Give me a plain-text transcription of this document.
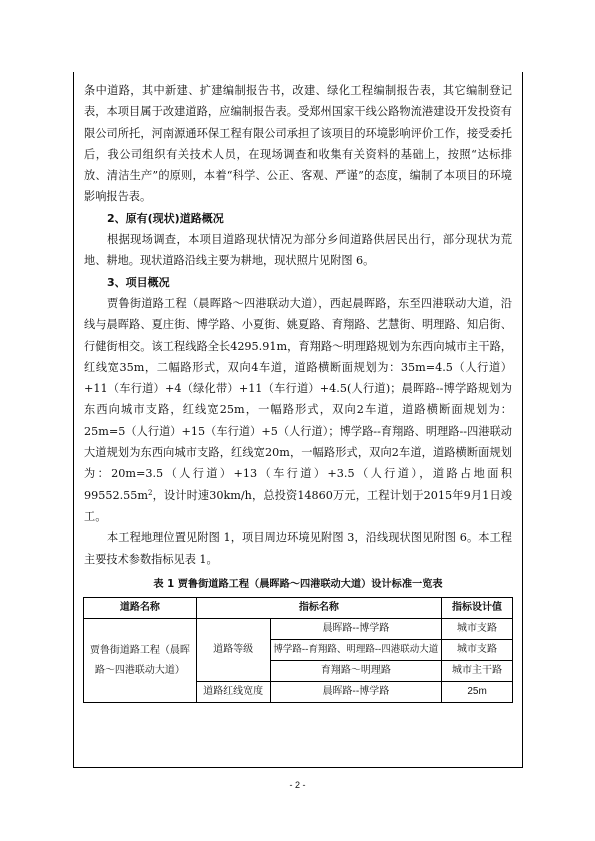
条中道路，其中新建、扩建编制报告书，改建、绿化工程编制报告表，其它编制登记表，本项目属于改建道路，应编制报告表。受郑州国家干线公路物流港建设开发投资有限公司所托，河南源通环保工程有限公司承担了该项目的环境影响评价工作，接受委托后，我公司组织有关技术人员，在现场调查和收集有关资料的基础上，按照“达标排放、清洁生产”的原则，本着“科学、公正、客观、严谨”的态度，编制了本项目的环境影响报告表。

2、原有(现状)道路概况

根据现场调查，本项目道路现状情况为部分乡间道路供居民出行，部分现状为荒地、耕地。现状道路沿线主要为耕地，现状照片见附图 6。

3、项目概况

贾鲁街道路工程（晨晖路～四港联动大道），西起晨晖路，东至四港联动大道，沿线与晨晖路、夏庄街、博学路、小夏街、姚夏路、育翔路、艺慧街、明理路、知启街、行健街相交。该工程线路全长4295.91m，育翔路～明理路规划为东西向城市主干路，红线宽35m，二幅路形式，双向4车道，道路横断面规划为：35m=4.5（人行道）+11（车行道）+4（绿化带）+11（车行道）+4.5(人行道)；晨晖路--博学路规划为东西向城市支路，红线宽25m，一幅路形式，双向2车道，道路横断面规划为：25m=5（人行道）+15（车行道）+5（人行道）；博学路--育翔路、明理路--四港联动大道规划为东西向城市支路，红线宽20m，一幅路形式，双向2车道，道路横断面规划为：20m=3.5（人行道）+13（车行道）+3.5（人行道），道路占地面积$99552.55m^2$，设计时速30km/h，总投资14860万元，工程计划于2015年9月1日竣工。

本工程地理位置见附图 1，项目周边环境见附图 3，沿线现状图见附图 6。本工程主要技术参数指标见表 1。

表 1 贾鲁街道路工程（晨晖路～四港联动大道）设计标准一览表

道路名称	指标名称		指标设计值
贾鲁街道路工程（晨晖路～四港联动大道）	道路等级	晨晖路--博学路	城市支路
		博学路--育翔路、明理路--四港联动大道	城市支路
		育翔路～明理路	城市主干路
	道路红线宽度	晨晖路--博学路	25m
- 2 -
